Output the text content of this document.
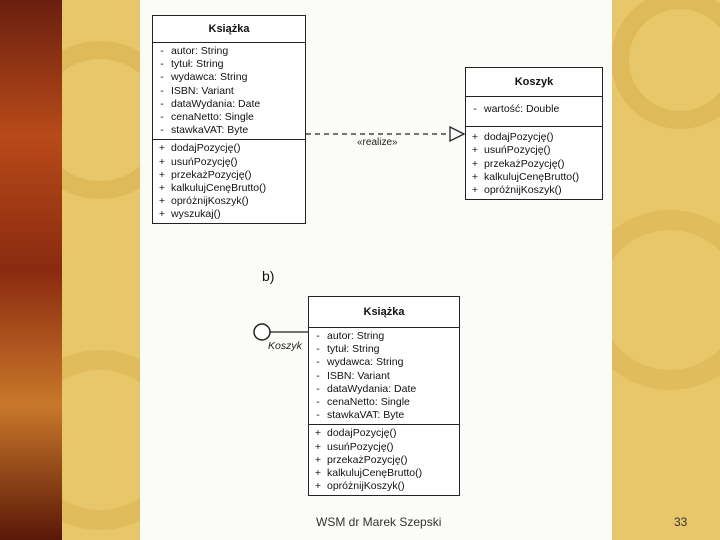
Książka
- autor: String
- tytuł: String
- wydawca: String
- ISBN: Variant
- dataWydania: Date
- cenaNetto: Single
- stawkaVAT: Byte
+ dodajPozycję()
+ usuńPozycję()
+ przekażPozycję()
+ kalkulujCenęBrutto()
+ opróżnijKoszyk()
+ wyszukaj()
Koszyk
- wartość: Double
+ dodajPozycję()
+ usuńPozycję()
+ przekażPozycję()
+ kalkulujCenęBrutto()
+ opróżnijKoszyk()
«realize»
b)
Koszyk
Książka
- autor: String
- tytuł: String
- wydawca: String
- ISBN: Variant
- dataWydania: Date
- cenaNetto: Single
- stawkaVAT: Byte
+ dodajPozycję()
+ usuńPozycję()
+ przekażPozycję()
+ kalkulujCenęBrutto()
+ opróżnijKoszyk()
WSM dr Marek Szepski	33
